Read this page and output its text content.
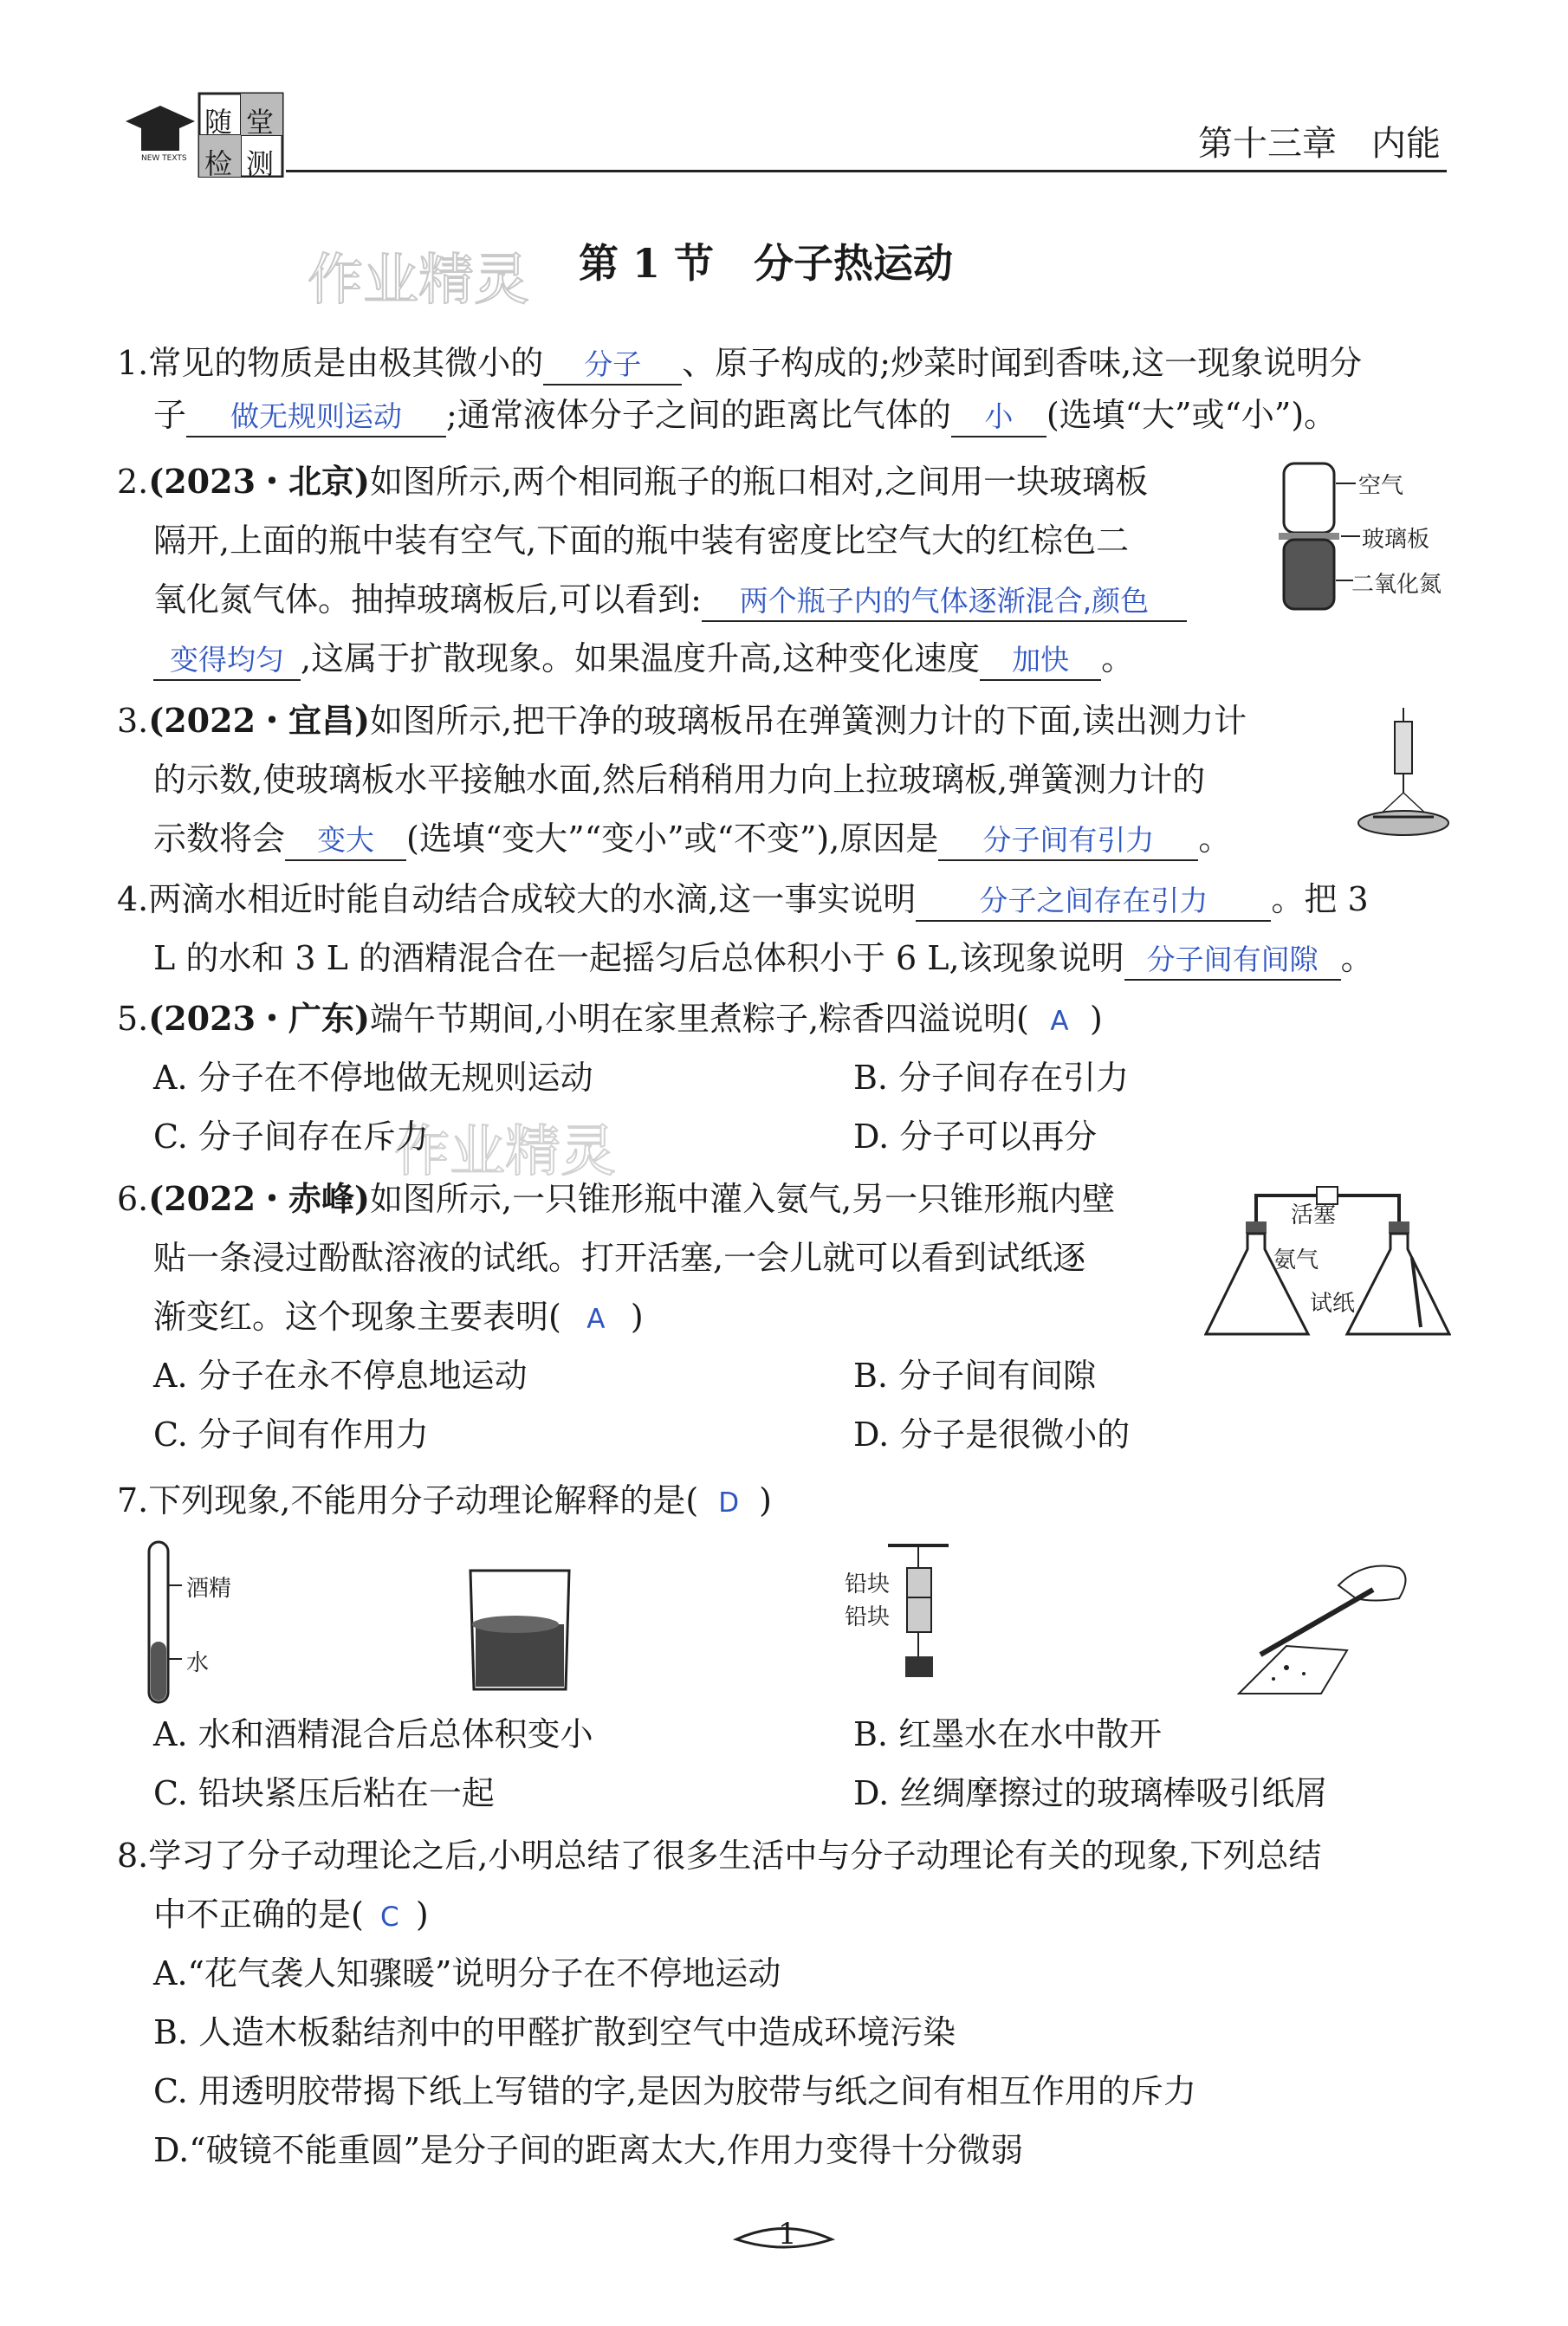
NEW TEXTS
随 堂
检 测	第十三章　内能
作业精灵
作业精灵
第 1 节　分子热运动
1.常见的物质是由极其微小的 分子 、原子构成的;炒菜时闻到香味,这一现象说明分
子 做无规则运动 ;通常液体分子之间的距离比气体的 小 (选填“大”或“小”)。
2.(2023・北京)如图所示,两个相同瓶子的瓶口相对,之间用一块玻璃板
隔开,上面的瓶中装有空气,下面的瓶中装有密度比空气大的红棕色二
氧化氮气体。抽掉玻璃板后,可以看到: 两个瓶子内的气体逐渐混合,颜色
变得均匀 ,这属于扩散现象。如果温度升高,这种变化速度 加快 。
空气
玻璃板
二氧化氮
3.(2022・宜昌)如图所示,把干净的玻璃板吊在弹簧测力计的下面,读出测力计
的示数,使玻璃板水平接触水面,然后稍稍用力向上拉玻璃板,弹簧测力计的
示数将会 变大 (选填“变大”“变小”或“不变”),原因是 分子间有引力 。
4.两滴水相近时能自动结合成较大的水滴,这一事实说明 分子之间存在引力 。把 3
L 的水和 3 L 的酒精混合在一起摇匀后总体积小于 6 L,该现象说明 分子间有间隙 。
5.(2023・广东)端午节期间,小明在家里煮粽子,粽香四溢说明( A )
A. 分子在不停地做无规则运动	B. 分子间存在引力
C. 分子间存在斥力	D. 分子可以再分
6.(2022・赤峰)如图所示,一只锥形瓶中灌入氨气,另一只锥形瓶内壁
贴一条浸过酚酞溶液的试纸。打开活塞,一会儿就可以看到试纸逐
渐变红。这个现象主要表明( A )
A. 分子在永不停息地运动	B. 分子间有间隙
C. 分子间有作用力	D. 分子是很微小的
活塞
氨气
试纸
7.下列现象,不能用分子动理论解释的是( D )
A. 水和酒精混合后总体积变小	B. 红墨水在水中散开
C. 铅块紧压后粘在一起	D. 丝绸摩擦过的玻璃棒吸引纸屑
酒精
水
铅块
铅块
8.学习了分子动理论之后,小明总结了很多生活中与分子动理论有关的现象,下列总结
中不正确的是( C )
A.“花气袭人知骤暖”说明分子在不停地运动
B. 人造木板黏结剂中的甲醛扩散到空气中造成环境污染
C. 用透明胶带揭下纸上写错的字,是因为胶带与纸之间有相互作用的斥力
D.“破镜不能重圆”是分子间的距离太大,作用力变得十分微弱
1
